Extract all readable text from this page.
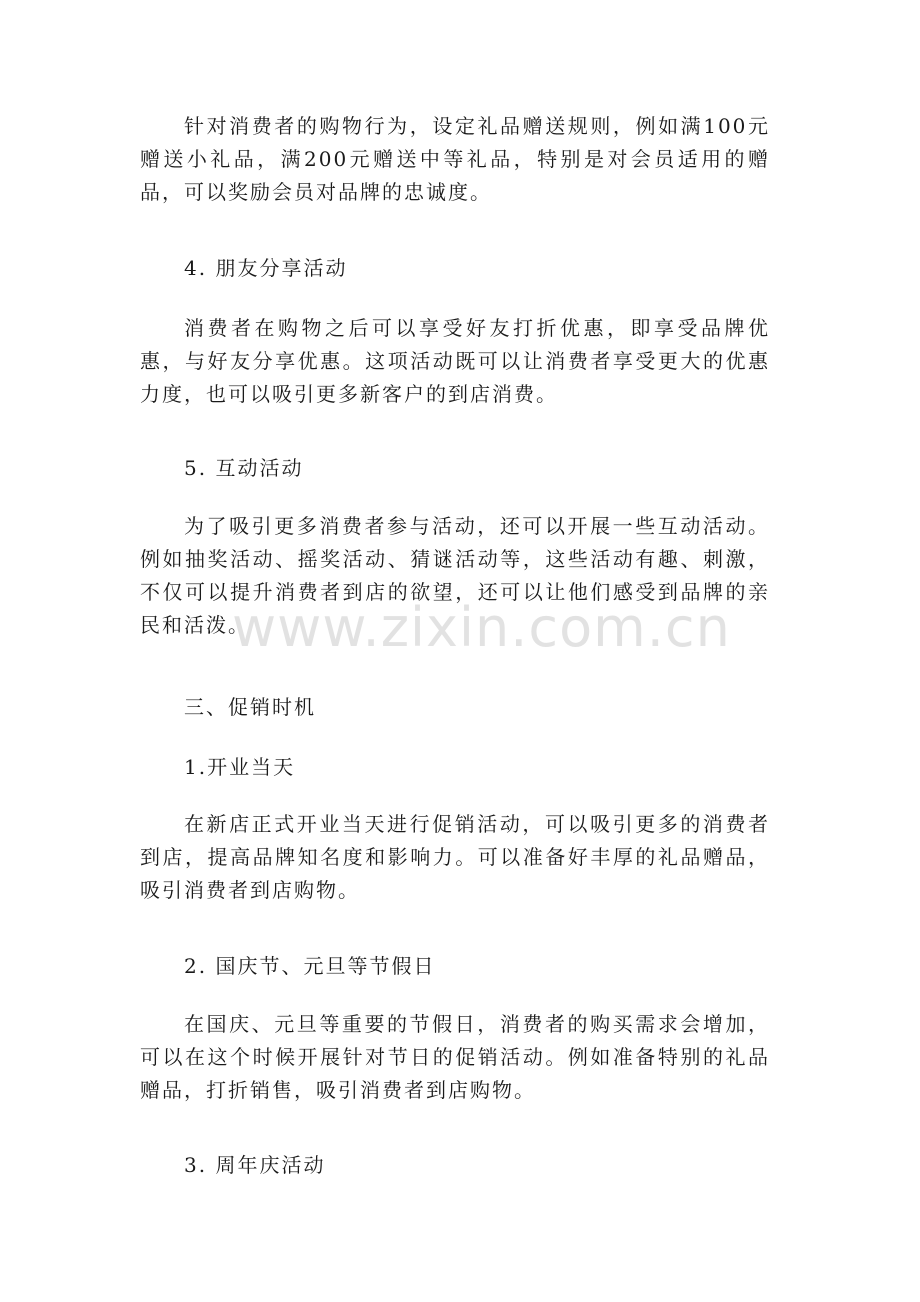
针对消费者的购物行为，设定礼品赠送规则，例如满100元赠送小礼品，满200元赠送中等礼品，特别是对会员适用的赠品，可以奖励会员对品牌的忠诚度。

4. 朋友分享活动

消费者在购物之后可以享受好友打折优惠，即享受品牌优惠，与好友分享优惠。这项活动既可以让消费者享受更大的优惠力度，也可以吸引更多新客户的到店消费。

5. 互动活动

为了吸引更多消费者参与活动，还可以开展一些互动活动。例如抽奖活动、摇奖活动、猜谜活动等，这些活动有趣、刺激，不仅可以提升消费者到店的欲望，还可以让他们感受到品牌的亲民和活泼。

三、促销时机

1.开业当天

在新店正式开业当天进行促销活动，可以吸引更多的消费者到店，提高品牌知名度和影响力。可以准备好丰厚的礼品赠品，吸引消费者到店购物。

2. 国庆节、元旦等节假日

在国庆、元旦等重要的节假日，消费者的购买需求会增加，可以在这个时候开展针对节日的促销活动。例如准备特别的礼品赠品，打折销售，吸引消费者到店购物。

3. 周年庆活动

www.zixin.com.cn
